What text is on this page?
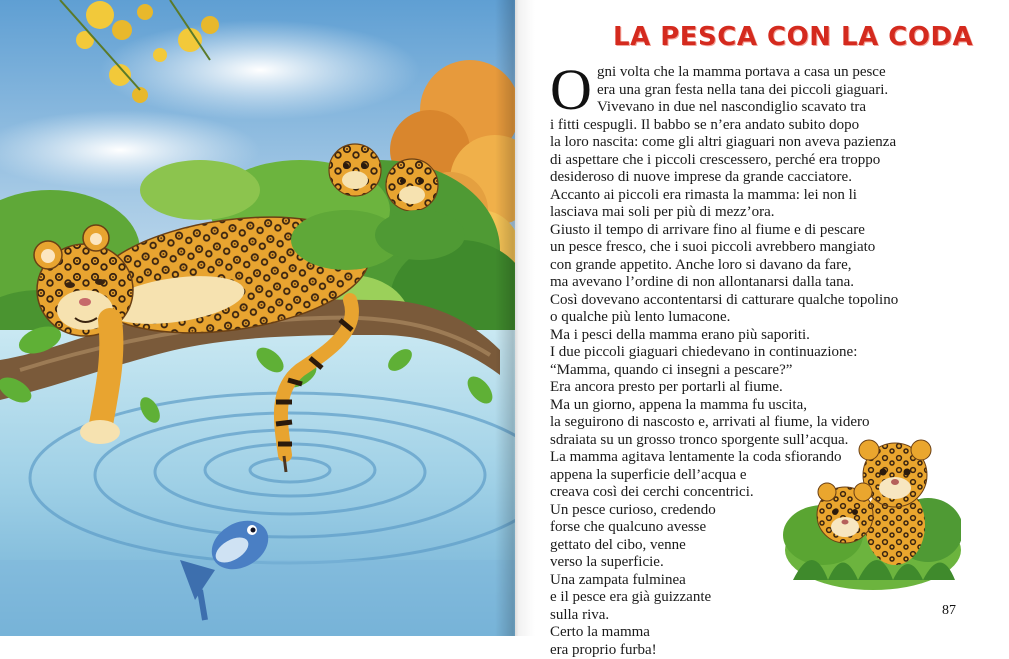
LA PESCA CON LA CODA
O gni volta che la mamma portava a casa un pesce
era una gran festa nella tana dei piccoli giaguari.
Vivevano in due nel nascondiglio scavato tra
i fitti cespugli. Il babbo se n’era andato subito dopo
la loro nascita: come gli altri giaguari non aveva pazienza
di aspettare che i piccoli crescessero, perché era troppo
desideroso di nuove imprese da grande cacciatore.
Accanto ai piccoli era rimasta la mamma: lei non li
lasciava mai soli per più di mezz’ora.
Giusto il tempo di arrivare fino al fiume e di pescare
un pesce fresco, che i suoi piccoli avrebbero mangiato
con grande appetito. Anche loro si davano da fare,
ma avevano l’ordine di non allontanarsi dalla tana.
Così dovevano accontentarsi di catturare qualche topolino
o qualche più lento lumacone.
Ma i pesci della mamma erano più saporiti.
I due piccoli giaguari chiedevano in continuazione:
“Mamma, quando ci insegni a pescare?”
Era ancora presto per portarli al fiume.
Ma un giorno, appena la mamma fu uscita,
la seguirono di nascosto e, arrivati al fiume, la videro
sdraiata su un grosso tronco sporgente sull’acqua.
La mamma agitava lentamente la coda sfiorando
appena la superficie dell’acqua e
creava così dei cerchi concentrici.
Un pesce curioso, credendo
forse che qualcuno avesse
gettato del cibo, venne
verso la superficie.
Una zampata fulminea
e il pesce era già guizzante
sulla riva.
Certo la mamma
era proprio furba!
87
